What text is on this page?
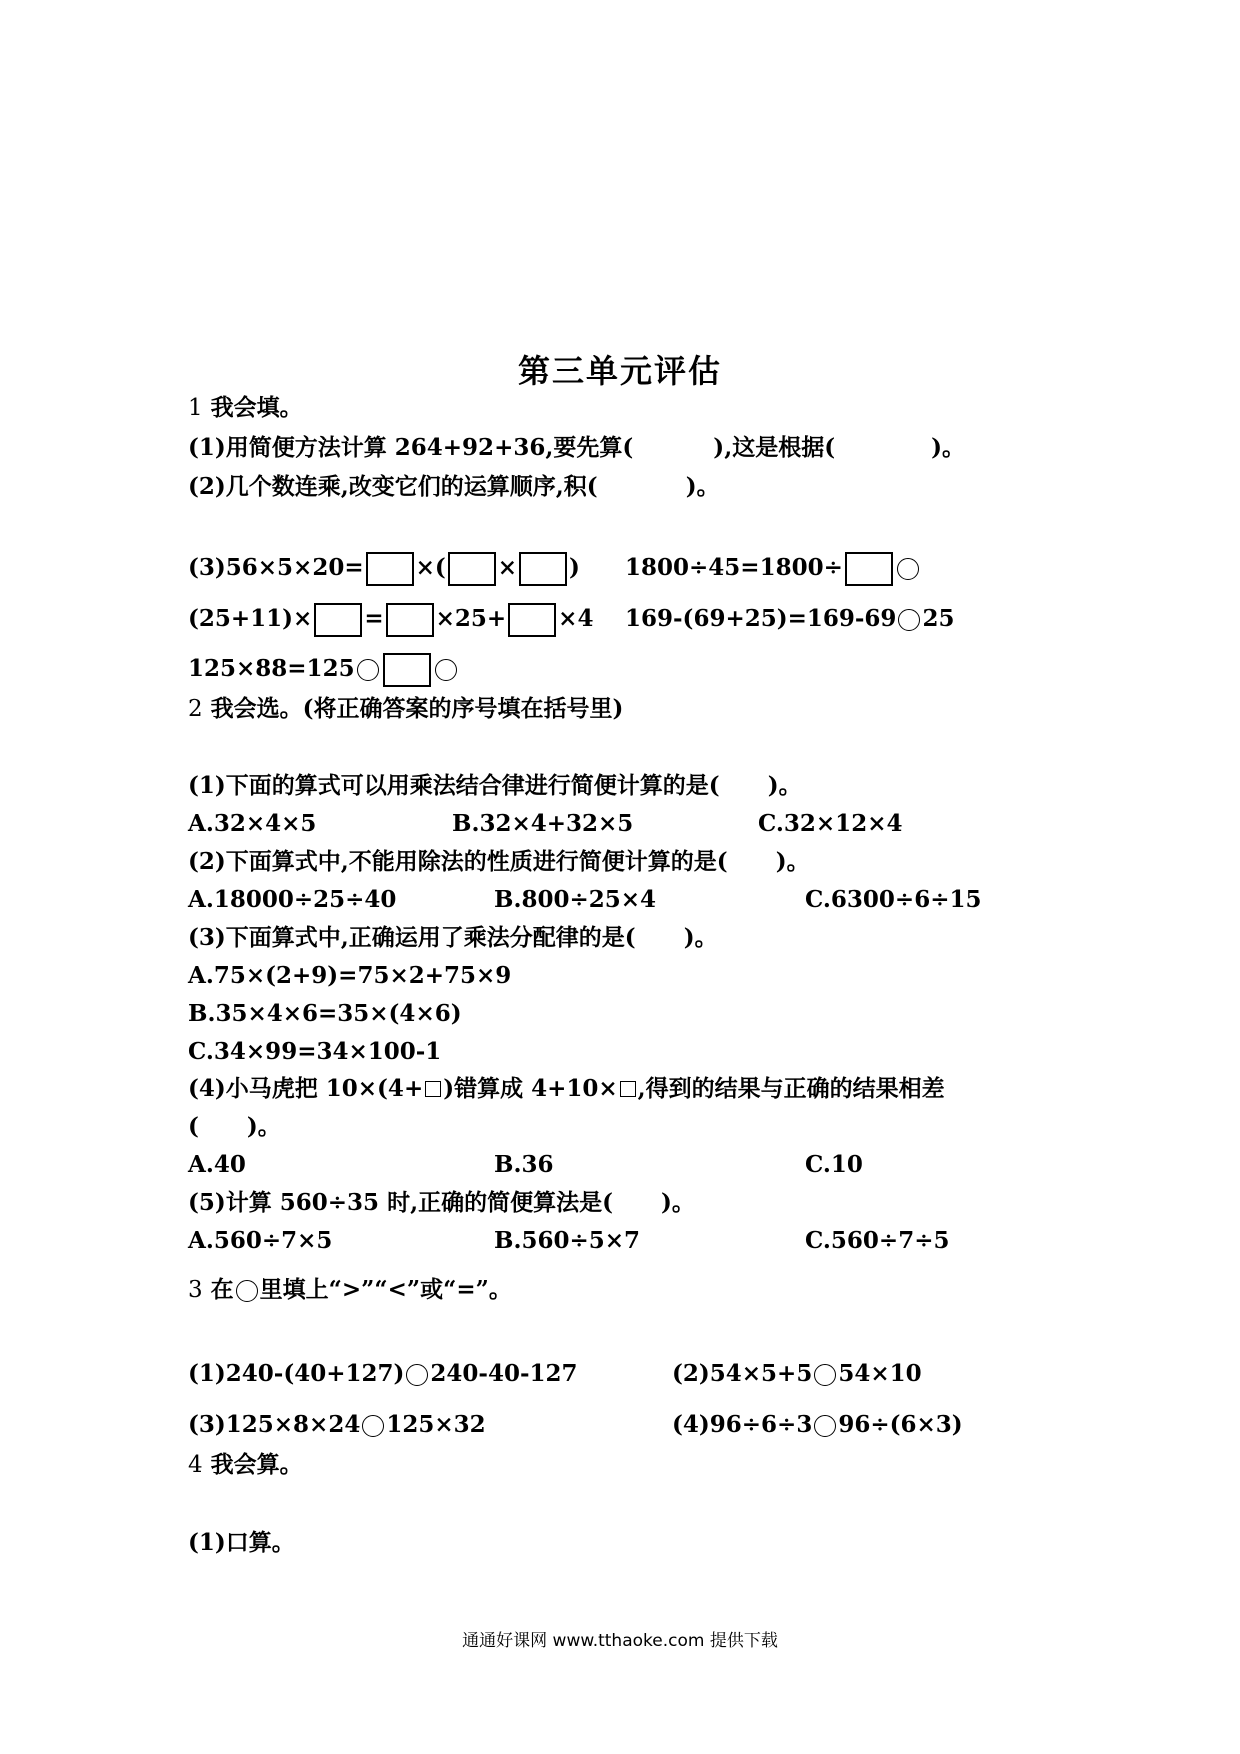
第三单元评估
1 我会填。
(1)用简便方法计算 264+92+36,要先算(          ),这是根据(            )。
(2)几个数连乘,改变它们的运算顺序,积(           )。
(3)56×5×20= ×( × ) 1800÷45=1800÷
(25+11)× = ×25+ ×4 169-(69+25)=169-69 25
125×88=125
2 我会选。(将正确答案的序号填在括号里)
(1)下面的算式可以用乘法结合律进行简便计算的是(      )。
A.32×4×5	B.32×4+32×5	C.32×12×4
(2)下面算式中,不能用除法的性质进行简便计算的是(      )。
A.18000÷25÷40	B.800÷25×4	C.6300÷6÷15
(3)下面算式中,正确运用了乘法分配律的是(      )。
A.75×(2+9)=75×2+75×9
B.35×4×6=35×(4×6)
C.34×99=34×100-1
(4)小马虎把 10×(4+ )错算成 4+10× ,得到的结果与正确的结果相差
(      )。
A.40	B.36	C.10
(5)计算 560÷35 时,正确的简便算法是(      )。
A.560÷7×5	B.560÷5×7	C.560÷7÷5
3 在 里填上“>”“<”或“=”。
(1)240-(40+127) 240-40-127	(2)54×5+5 54×10
(3)125×8×24 125×32	(4)96÷6÷3 96÷(6×3)
4 我会算。
(1)口算。
通通好课网 www.tthaoke.com 提供下载
